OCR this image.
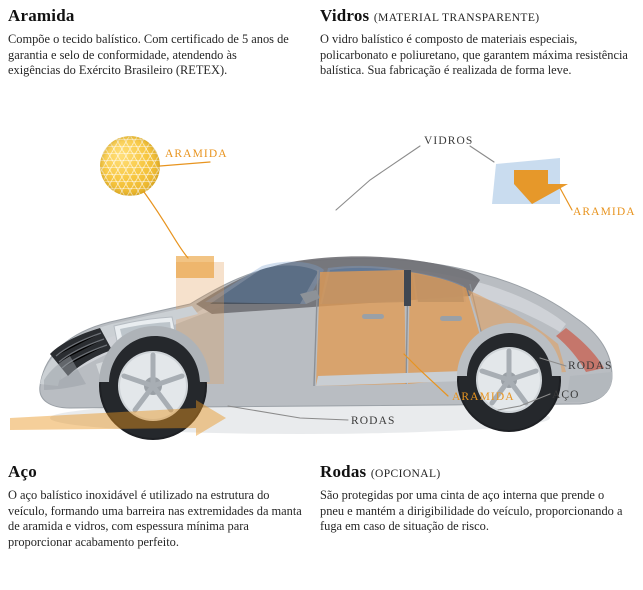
Aramida

Compõe o tecido balístico. Com certificado de 5 anos de garantia e selo de conformidade, atendendo às exigências do Exército Brasileiro (RETEX).

Vidros (MATERIAL TRANSPARENTE)

O vidro balístico é composto de materiais especiais, policarbonato e poliuretano, que garantem máxima resistência balística. Sua fabricação é realizada de forma leve.

Aço

O aço balístico inoxidável é utilizado na estrutura do veículo, formando uma barreira nas extremidades da manta de aramida e vidros, com espessura mínima para proporcionar acabamento perfeito.

Rodas (OPCIONAL)

São protegidas por uma cinta de aço interna que prende o pneu e mantém a dirigibilidade do veículo, proporcionando a fuga em caso de situação de risco.

ARAMIDA
ARAMIDA
ARAMIDA
VIDROS
RODAS
RODAS
AÇO
